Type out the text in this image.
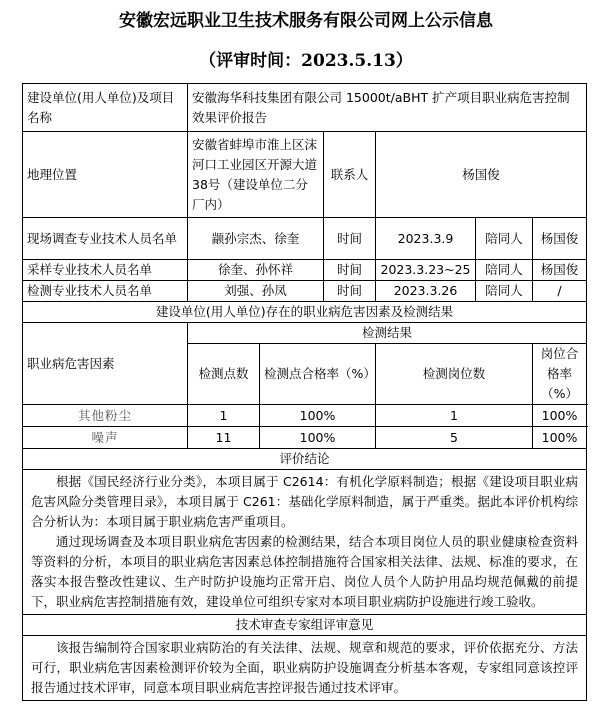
安徽宏远职业卫生技术服务有限公司网上公示信息
（评审时间：2023.5.13）
建设单位(用人单位)及项目名称	安徽海华科技集团有限公司 15000t/aBHT 扩产项目职业病危害控制效果评价报告					
地理位置	安徽省蚌埠市淮上区沫河口工业园区开源大道38号（建设单位二分厂内）		联系人	杨国俊		
现场调查专业技术人员名单	颛孙宗杰、徐奎		时间	2023.3.9	陪同人	杨国俊
采样专业技术人员名单	徐奎、孙怀祥		时间	2023.3.23~25	陪同人	杨国俊
检测专业技术人员名单	刘强、孙凤		时间	2023.3.26	陪同人	/
建设单位(用人单位)存在的职业病危害因素及检测结果						
职业病危害因素	检测结果					
	检测点数	检测点合格率（%）		检测岗位数		岗位合格率（%）
其他粉尘	1	100%		1		100%
噪声	11	100%		5		100%
评价结论						

根据《国民经济行业分类》，本项目属于 C2614：有机化学原料制造；根据《建设项目职业病危害风险分类管理目录》，本项目属于 C261：基础化学原料制造，属于严重类。据此本评价机构综合分析认为：本项目属于职业病危害严重项目。
通过现场调查及本项目职业病危害因素的检测结果，结合本项目岗位人员的职业健康检查资料等资料的分析，本项目的职业病危害因素总体控制措施符合国家相关法律、法规、标准的要求，在落实本报告整改性建议、生产时防护设施均正常开启、岗位人员个人防护用品均规范佩戴的前提下，职业病危害控制措施有效，建设单位可组织专家对本项目职业病防护设施进行竣工验收。						

技术审查专家组评审意见						

该报告编制符合国家职业病防治的有关法律、法规、规章和规范的要求，评价依据充分、方法可行，职业病危害因素检测评价较为全面，职业病防护设施调查分析基本客观，专家组同意该控评报告通过技术评审，同意本项目职业病危害控评报告通过技术评审。						
